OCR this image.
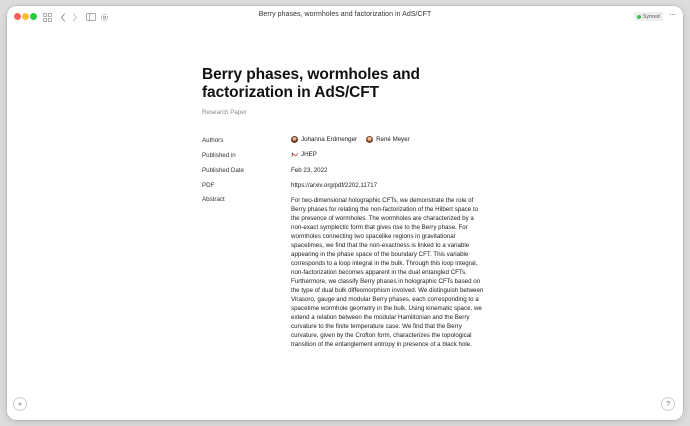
Berry phases, wormholes and factorization in AdS/CFT	Synced ···
Berry phases, wormholes and factorization in AdS/CFT
Research Paper
Authors	Johanna Erdmenger	René Meyer
Published in	JHEP
Published Date	Feb 23, 2022
PDF	https://arxiv.org/pdf/2202.11717
Abstract	For two-dimensional holographic CFTs, we demonstrate the role of Berry phases for relating the non-factorization of the Hilbert space to the presence of wormholes. The wormholes are characterized by a non-exact symplectic form that gives rise to the Berry phase. For wormholes connecting two spacelike regions in gravitational spacetimes, we find that the non-exactness is linked to a variable appearing in the phase space of the boundary CFT. This variable corresponds to a loop integral in the bulk. Through this loop integral, non-factorization becomes apparent in the dual entangled CFTs. Furthermore, we classify Berry phases in holographic CFTs based on the type of dual bulk diffeomorphism involved. We distinguish between Virasoro, gauge and modular Berry phases, each corresponding to a spacetime wormhole geometry in the bulk. Using kinematic space, we extend a relation between the modular Hamiltonian and the Berry curvature to the finite temperature case. We find that the Berry curvature, given by the Crofton form, characterizes the topological transition of the entanglement entropy in presence of a black hole.
»	?
